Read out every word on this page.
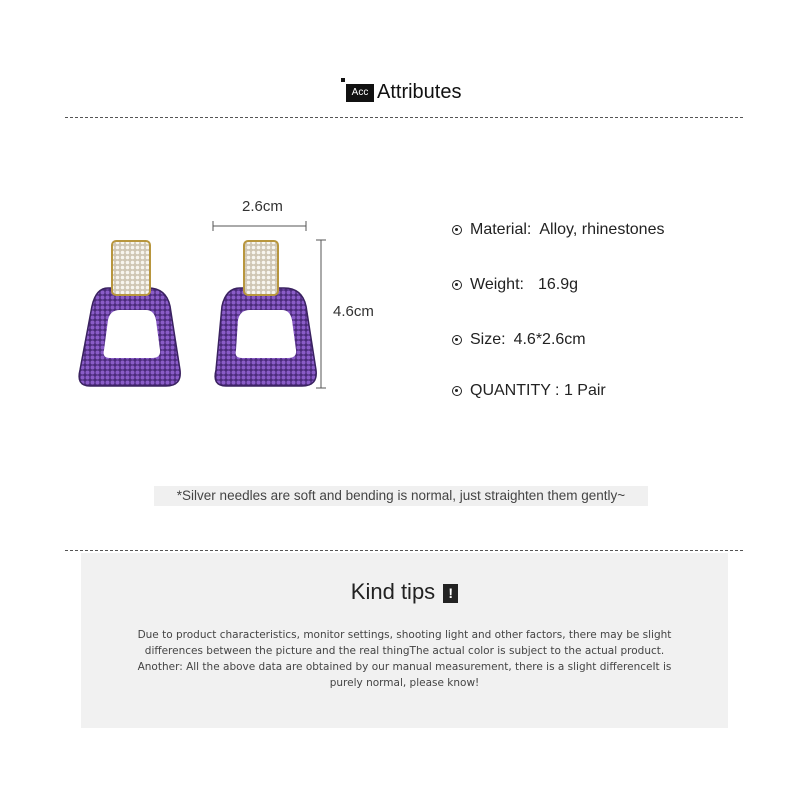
Acc Attributes
2.6cm
4.6cm
Material: Alloy, rhinestones
Weight: 16.9g
Size: 4.6*2.6cm
QUANTITY : 1 Pair
*Silver needles are soft and bending is normal, just straighten them gently~
Kind tips !
Due to product characteristics, monitor settings, shooting light and other factors, there may be slight
differences between the picture and the real thingThe actual color is subject to the actual product.
Another: All the above data are obtained by our manual measurement, there is a slight differenceIt is
purely normal, please know!
